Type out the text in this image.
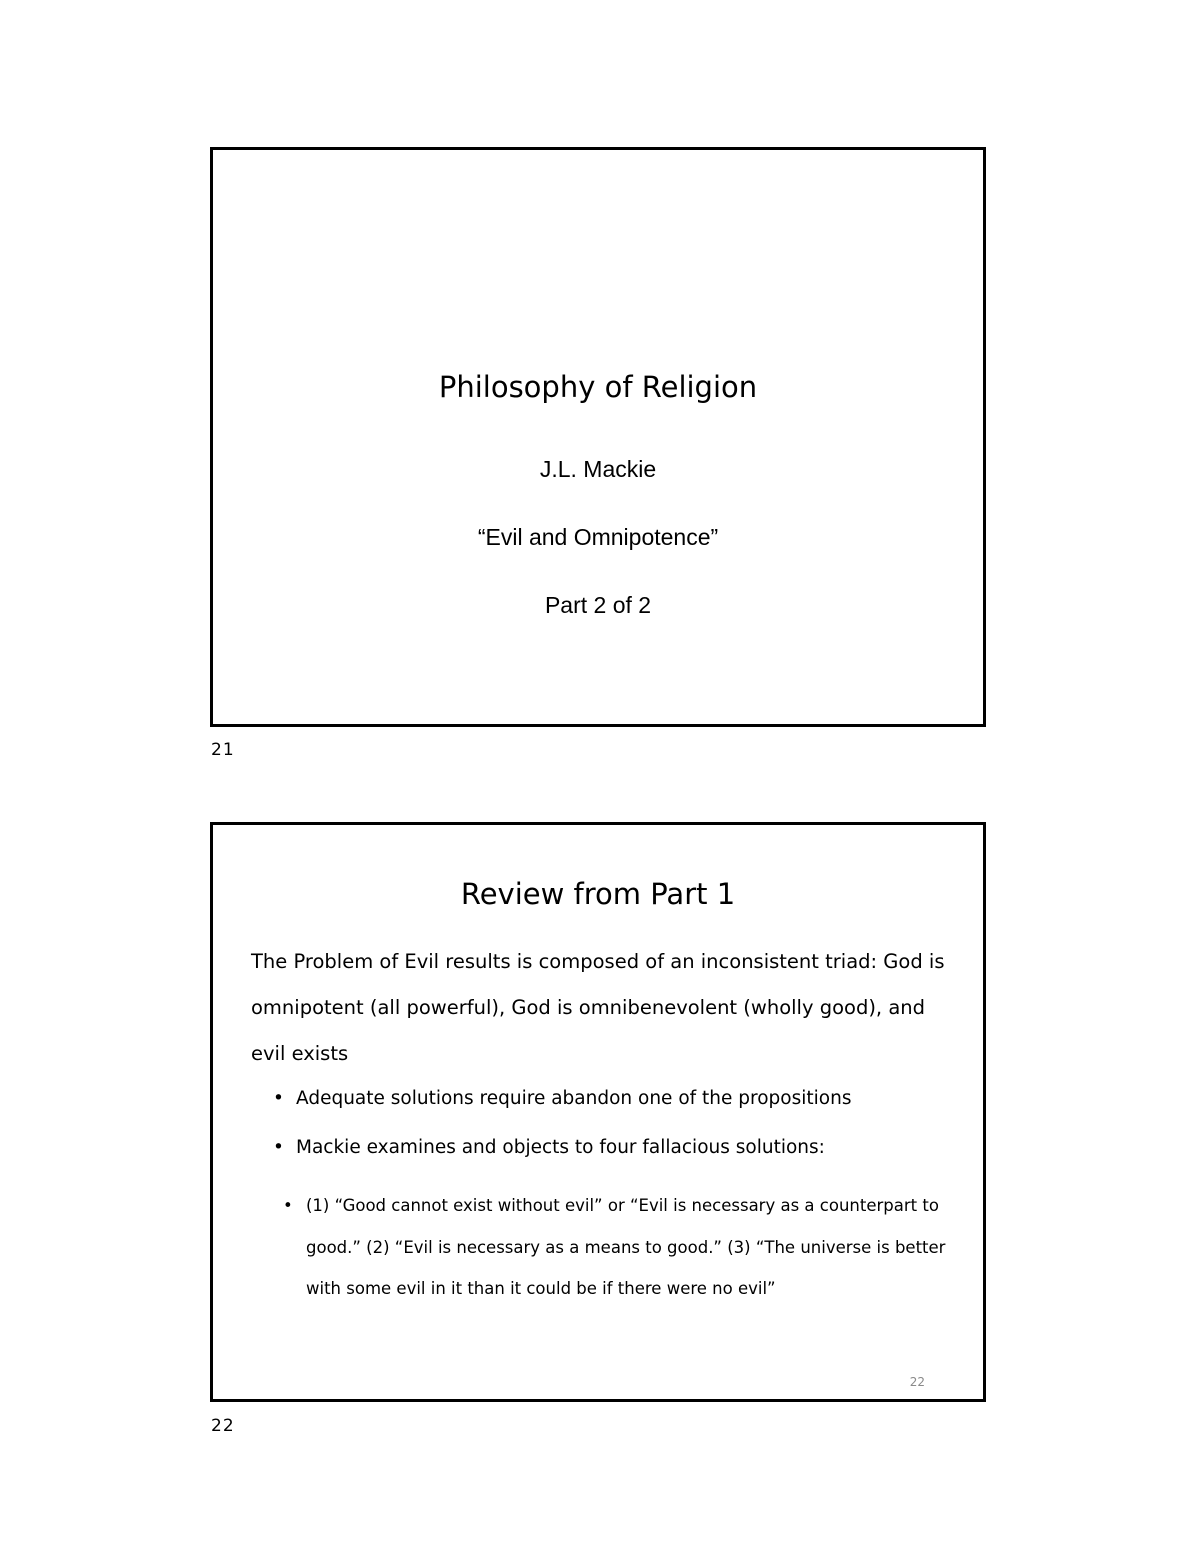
Philosophy of Religion
J.L. Mackie
“Evil and Omnipotence”
Part 2 of 2
21
Review from Part 1
The Problem of Evil results is composed of an inconsistent triad: God is omnipotent (all powerful), God is omnibenevolent (wholly good), and evil exists
• Adequate solutions require abandon one of the propositions
• Mackie examines and objects to four fallacious solutions:
• (1) “Good cannot exist without evil” or “Evil is necessary as a counterpart to good.” (2) “Evil is necessary as a means to good.” (3) “The universe is better with some evil in it than it could be if there were no evil”
22
22
